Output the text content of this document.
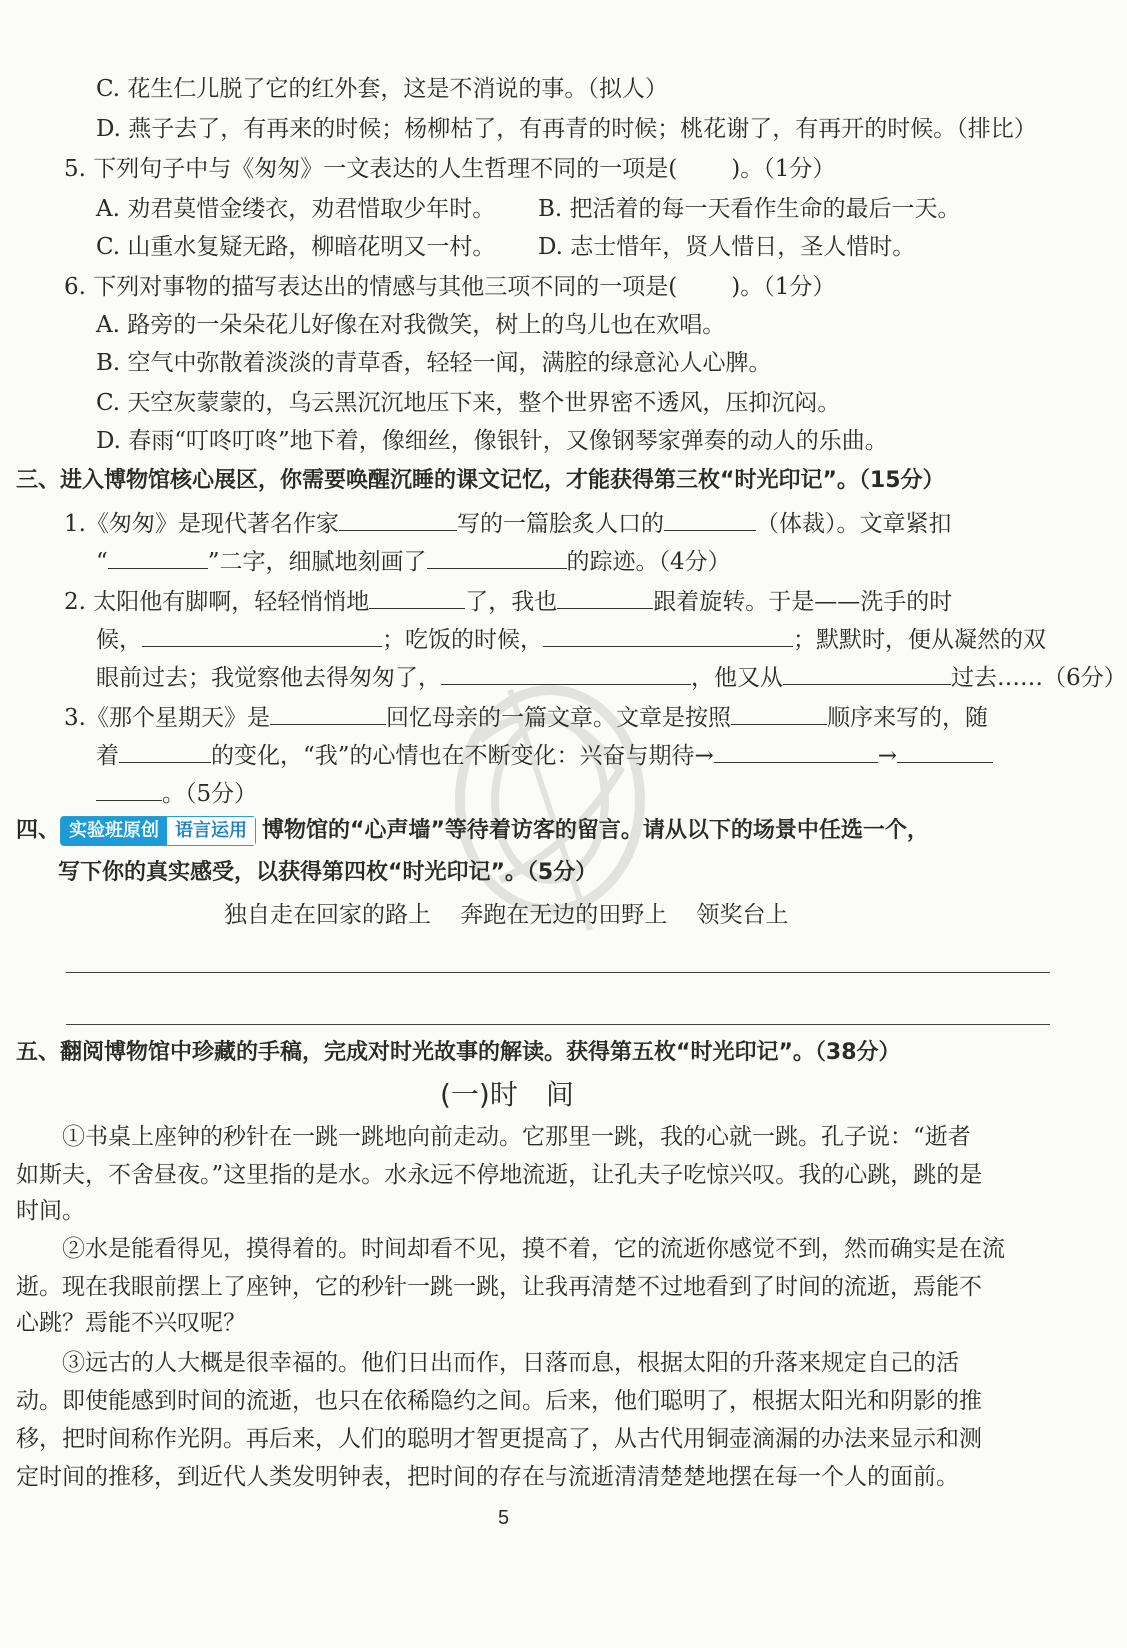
C. 花生仁儿脱了它的红外套，这是不消说的事。（拟人）
D. 燕子去了，有再来的时候；杨柳枯了，有再青的时候；桃花谢了，有再开的时候。（排比）
5. 下列句子中与《匆匆》一文表达的人生哲理不同的一项是( )。（1分）
A. 劝君莫惜金缕衣，劝君惜取少年时。 B. 把活着的每一天看作生命的最后一天。
C. 山重水复疑无路，柳暗花明又一村。 D. 志士惜年，贤人惜日，圣人惜时。
6. 下列对事物的描写表达出的情感与其他三项不同的一项是( )。（1分）
A. 路旁的一朵朵花儿好像在对我微笑，树上的鸟儿也在欢唱。
B. 空气中弥散着淡淡的青草香，轻轻一闻，满腔的绿意沁人心脾。
C. 天空灰蒙蒙的，乌云黑沉沉地压下来，整个世界密不透风，压抑沉闷。
D. 春雨“叮咚叮咚”地下着，像细丝，像银针，又像钢琴家弹奏的动人的乐曲。
三、进入博物馆核心展区，你需要唤醒沉睡的课文记忆，才能获得第三枚“时光印记”。（15分）
1.《匆匆》是现代著名作家	写的一篇脍炙人口的	（体裁）。文章紧扣
“	”二字，细腻地刻画了	的踪迹。（4分）
2. 太阳他有脚啊，轻轻悄悄地	了，我也	跟着旋转。于是——洗手的时
候，	；吃饭的时候，	；默默时，便从凝然的双
眼前过去；我觉察他去得匆匆了，	，他又从	过去……（6分）
3.《那个星期天》是	回忆母亲的一篇文章。文章是按照	顺序来写的，随
着	的变化，“我”的心情也在不断变化：兴奋与期待→	→
。（5分）
四、 实验班原创 语言运用 博物馆的“心声墙”等待着访客的留言。请从以下的场景中任选一个，
写下你的真实感受，以获得第四枚“时光印记”。（5分）
独自走在回家的路上    奔跑在无边的田野上    领奖台上
五、翻阅博物馆中珍藏的手稿，完成对时光故事的解读。获得第五枚“时光印记”。（38分）
(一)时　间
①书桌上座钟的秒针在一跳一跳地向前走动。它那里一跳，我的心就一跳。孔子说：“逝者
如斯夫，不舍昼夜。”这里指的是水。水永远不停地流逝，让孔夫子吃惊兴叹。我的心跳，跳的是
时间。
②水是能看得见，摸得着的。时间却看不见，摸不着，它的流逝你感觉不到，然而确实是在流
逝。现在我眼前摆上了座钟，它的秒针一跳一跳，让我再清楚不过地看到了时间的流逝，焉能不
心跳？焉能不兴叹呢？
③远古的人大概是很幸福的。他们日出而作，日落而息，根据太阳的升落来规定自己的活
动。即使能感到时间的流逝，也只在依稀隐约之间。后来，他们聪明了，根据太阳光和阴影的推
移，把时间称作光阴。再后来，人们的聪明才智更提高了，从古代用铜壶滴漏的办法来显示和测
定时间的推移，到近代人类发明钟表，把时间的存在与流逝清清楚楚地摆在每一个人的面前。
5
